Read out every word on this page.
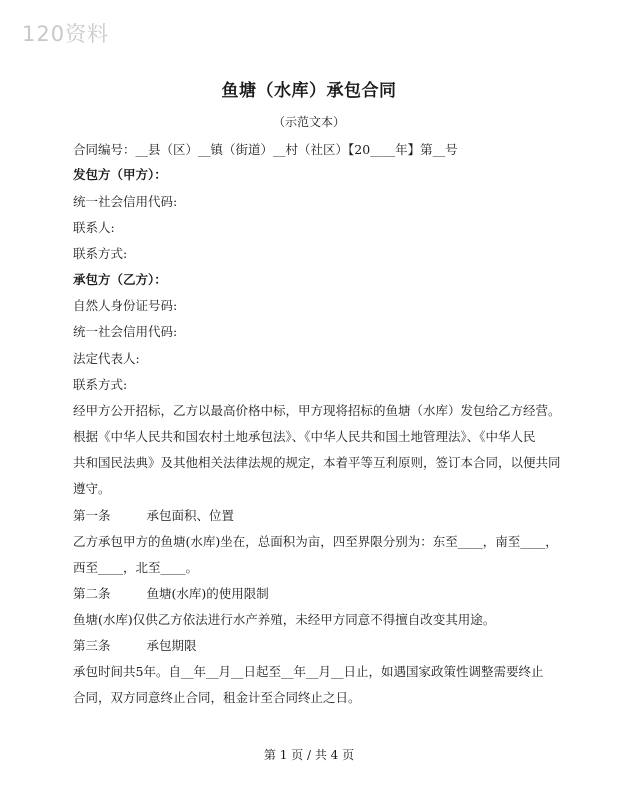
120资料
鱼塘（水库）承包合同
（示范文本）
合同编号：__县（区）__镇（街道）__村（社区）【20____年】第__号
发包方（甲方）：
统一社会信用代码:
联系人:
联系方式:
承包方（乙方）：
自然人身份证号码:
统一社会信用代码:
法定代表人:
联系方式:
经甲方公开招标，乙方以最高价格中标，甲方现将招标的鱼塘（水库）发包给乙方经营。
根据《中华人民共和国农村土地承包法》、《中华人民共和国土地管理法》、《中华人民
共和国民法典》及其他相关法律法规的规定，本着平等互利原则，签订本合同，以便共同
遵守。
第一条	承包面积、位置
乙方承包甲方的鱼塘(水库)坐在，总面积为亩，四至界限分别为：东至____，南至____，
西至____，北至____。
第二条	鱼塘(水库)的使用限制
鱼塘(水库)仅供乙方依法进行水产养殖，未经甲方同意不得擅自改变其用途。
第三条	承包期限
承包时间共5年。自__年__月__日起至__年__月__日止，如遇国家政策性调整需要终止
合同，双方同意终止合同，租金计至合同终止之日。
第 1 页 / 共 4 页
